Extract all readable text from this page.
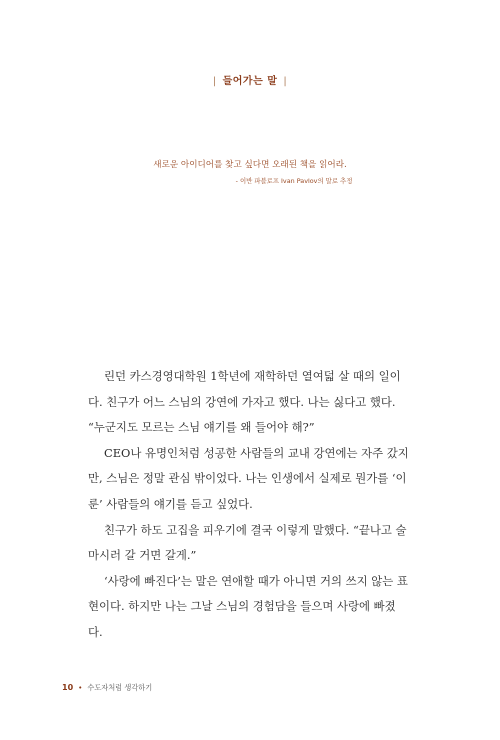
| 들어가는 말 |
새로운 아이디어를 찾고 싶다면 오래된 책을 읽어라.
- 이반 파블로프 Ivan Pavlov의 말로 추정

린던 카스경영대학원 1학년에 재학하던 열여덟 살 때의 일이다. 친구가 어느 스님의 강연에 가자고 했다. 나는 싫다고 했다. “누군지도 모르는 스님 얘기를 왜 들어야 해?”

CEO나 유명인처럼 성공한 사람들의 교내 강연에는 자주 갔지만, 스님은 정말 관심 밖이었다. 나는 인생에서 실제로 뭔가를 ‘이룬’ 사람들의 얘기를 듣고 싶었다.

친구가 하도 고집을 피우기에 결국 이렇게 말했다. “끝나고 술 마시러 갈 거면 갈게.”

‘사랑에 빠진다’는 말은 연애할 때가 아니면 거의 쓰지 않는 표현이다. 하지만 나는 그날 스님의 경험담을 들으며 사랑에 빠졌다.

10 • 수도자처럼 생각하기
